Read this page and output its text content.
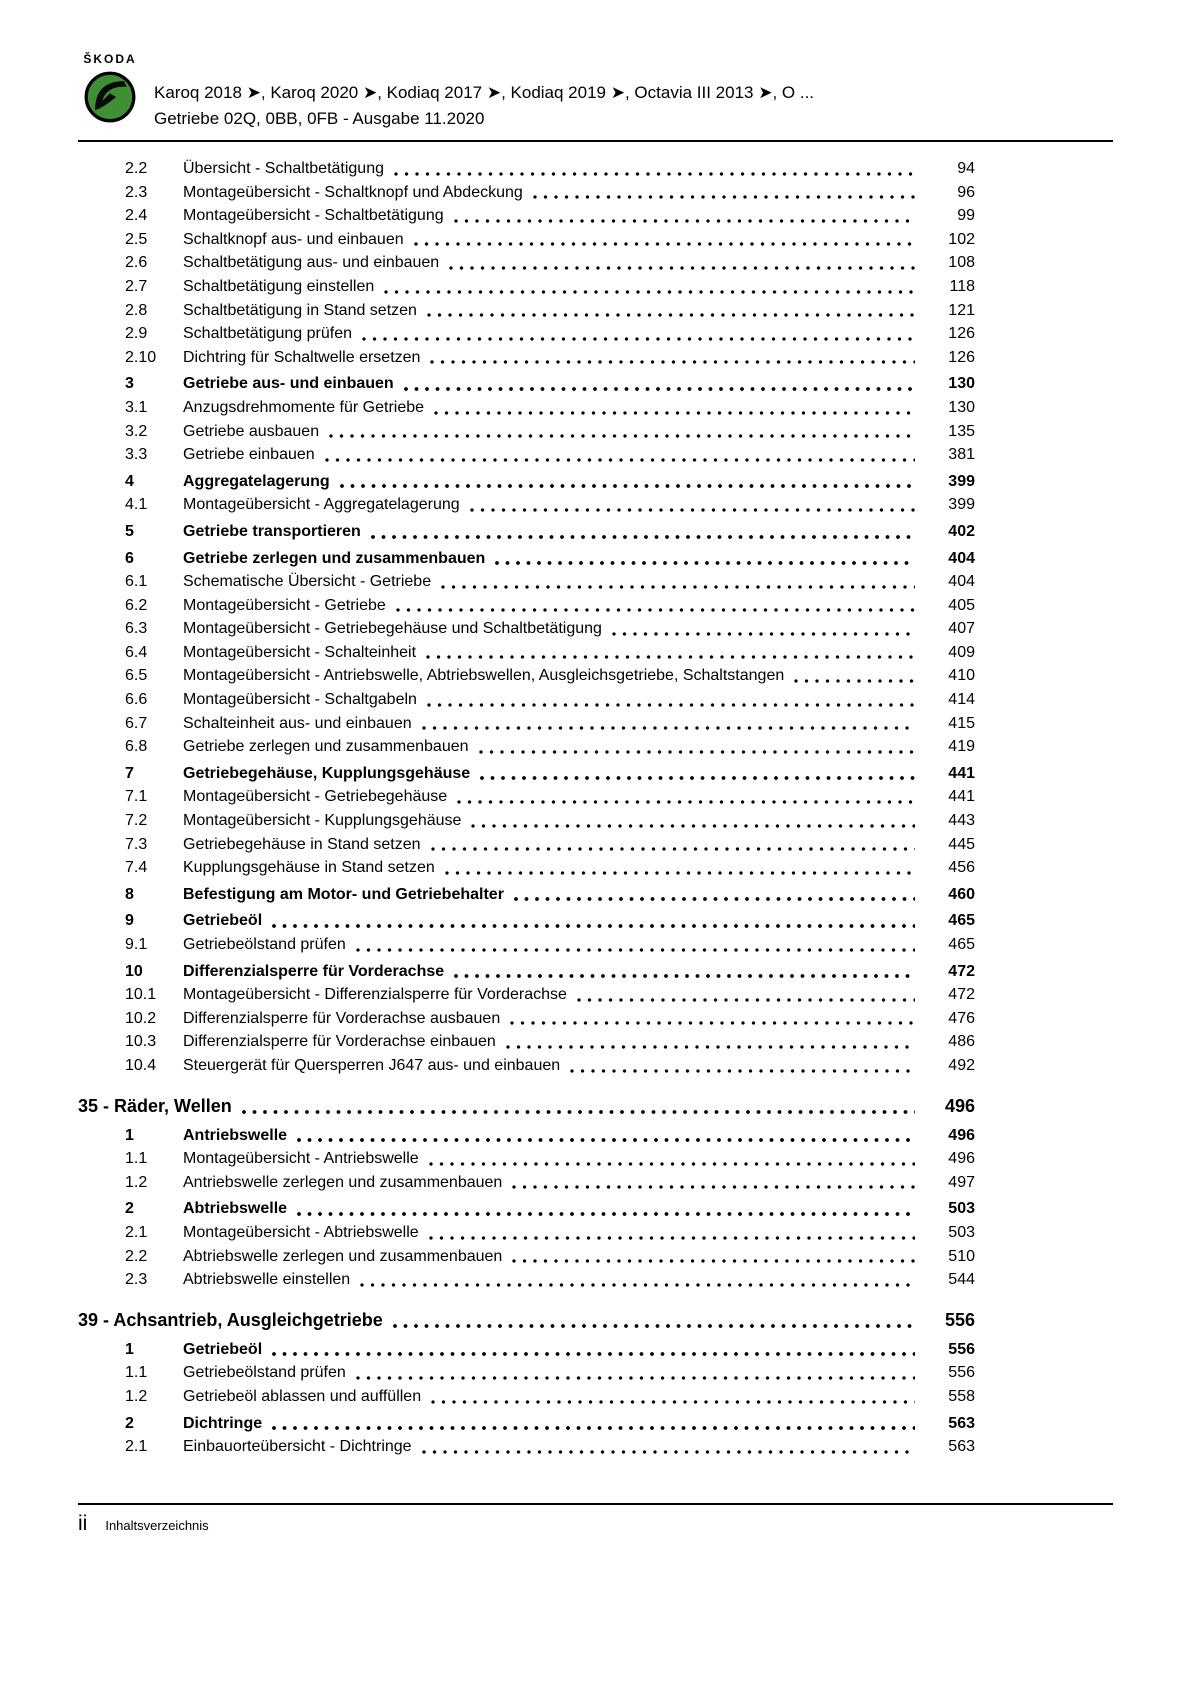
ŠKODA
Karoq 2018 ➤, Karoq 2020 ➤, Kodiaq 2017 ➤, Kodiaq 2019 ➤, Octavia III 2013 ➤, O ...
Getriebe 02Q, 0BB, 0FB - Ausgabe 11.2020
2.2	Übersicht - Schaltbetätigung	94
2.3	Montageübersicht - Schaltknopf und Abdeckung	96
2.4	Montageübersicht - Schaltbetätigung	99
2.5	Schaltknopf aus- und einbauen	102
2.6	Schaltbetätigung aus- und einbauen	108
2.7	Schaltbetätigung einstellen	118
2.8	Schaltbetätigung in Stand setzen	121
2.9	Schaltbetätigung prüfen	126
2.10	Dichtring für Schaltwelle ersetzen	126
3	Getriebe aus- und einbauen	130
3.1	Anzugsdrehmomente für Getriebe	130
3.2	Getriebe ausbauen	135
3.3	Getriebe einbauen	381
4	Aggregatelagerung	399
4.1	Montageübersicht - Aggregatelagerung	399
5	Getriebe transportieren	402
6	Getriebe zerlegen und zusammenbauen	404
6.1	Schematische Übersicht - Getriebe	404
6.2	Montageübersicht - Getriebe	405
6.3	Montageübersicht - Getriebegehäuse und Schaltbetätigung	407
6.4	Montageübersicht - Schalteinheit	409
6.5	Montageübersicht - Antriebswelle, Abtriebswellen, Ausgleichsgetriebe, Schaltstangen	410
6.6	Montageübersicht - Schaltgabeln	414
6.7	Schalteinheit aus- und einbauen	415
6.8	Getriebe zerlegen und zusammenbauen	419
7	Getriebegehäuse, Kupplungsgehäuse	441
7.1	Montageübersicht - Getriebegehäuse	441
7.2	Montageübersicht - Kupplungsgehäuse	443
7.3	Getriebegehäuse in Stand setzen	445
7.4	Kupplungsgehäuse in Stand setzen	456
8	Befestigung am Motor- und Getriebehalter	460
9	Getriebeöl	465
9.1	Getriebeölstand prüfen	465
10	Differenzialsperre für Vorderachse	472
10.1	Montageübersicht - Differenzialsperre für Vorderachse	472
10.2	Differenzialsperre für Vorderachse ausbauen	476
10.3	Differenzialsperre für Vorderachse einbauen	486
10.4	Steuergerät für Quersperren J647 aus- und einbauen	492
35 - Räder, Wellen	496
1	Antriebswelle	496
1.1	Montageübersicht - Antriebswelle	496
1.2	Antriebswelle zerlegen und zusammenbauen	497
2	Abtriebswelle	503
2.1	Montageübersicht - Abtriebswelle	503
2.2	Abtriebswelle zerlegen und zusammenbauen	510
2.3	Abtriebswelle einstellen	544
39 - Achsantrieb, Ausgleichgetriebe	556
1	Getriebeöl	556
1.1	Getriebeölstand prüfen	556
1.2	Getriebeöl ablassen und auffüllen	558
2	Dichtringe	563
2.1	Einbauorteübersicht - Dichtringe	563
ii Inhaltsverzeichnis
